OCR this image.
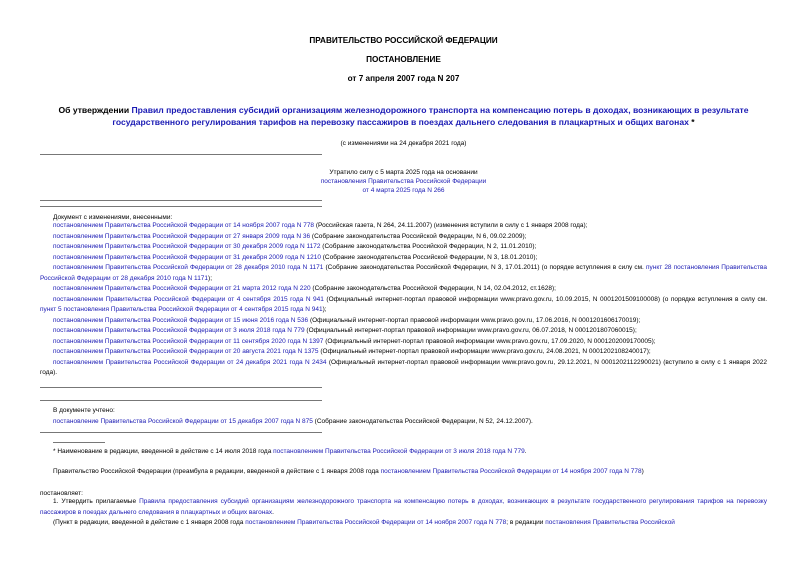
ПРАВИТЕЛЬСТВО РОССИЙСКОЙ ФЕДЕРАЦИИ
ПОСТАНОВЛЕНИЕ
от 7 апреля 2007 года N 207
Об утверждении Правил предоставления субсидий организациям железнодорожного транспорта на компенсацию потерь в доходах, возникающих в результате государственного регулирования тарифов на перевозку пассажиров в поездах дальнего следования в плацкартных и общих вагонах *
(с изменениями на 24 декабря 2021 года)
Утратило силу с 5 марта 2025 года на основании
постановления Правительства Российской Федерации
от 4 марта 2025 года N 266
Документ с изменениями, внесенными:
постановлением Правительства Российской Федерации от 14 ноября 2007 года N 778 (Российская газета, N 264, 24.11.2007) (изменения вступили в силу с 1 января 2008 года);
постановлением Правительства Российской Федерации от 27 января 2009 года N 36 (Собрание законодательства Российской Федерации, N 6, 09.02.2009);
постановлением Правительства Российской Федерации от 30 декабря 2009 года N 1172 (Собрание законодательства Российской Федерации, N 2, 11.01.2010);
постановлением Правительства Российской Федерации от 31 декабря 2009 года N 1210 (Собрание законодательства Российской Федерации, N 3, 18.01.2010);
постановлением Правительства Российской Федерации от 28 декабря 2010 года N 1171 (Собрание законодательства Российской Федерации, N 3, 17.01.2011) (о порядке вступления в силу см. пункт 28 постановления Правительства Российской Федерации от 28 декабря 2010 года N 1171);
постановлением Правительства Российской Федерации от 21 марта 2012 года N 220 (Собрание законодательства Российской Федерации, N 14, 02.04.2012, ст.1628);
постановлением Правительства Российской Федерации от 4 сентября 2015 года N 941 (Официальный интернет-портал правовой информации www.pravo.gov.ru, 10.09.2015, N 0001201509100008) (о порядке вступления в силу см. пункт 5 постановления Правительства Российской Федерации от 4 сентября 2015 года N 941);
постановлением Правительства Российской Федерации от 15 июня 2016 года N 536 (Официальный интернет-портал правовой информации www.pravo.gov.ru, 17.06.2016, N 0001201606170019);
постановлением Правительства Российской Федерации от 3 июля 2018 года N 779 (Официальный интернет-портал правовой информации www.pravo.gov.ru, 06.07.2018, N 0001201807060015);
постановлением Правительства Российской Федерации от 11 сентября 2020 года N 1397 (Официальный интернет-портал правовой информации www.pravo.gov.ru, 17.09.2020, N 0001202009170005);
постановлением Правительства Российской Федерации от 20 августа 2021 года N 1375 (Официальный интернет-портал правовой информации www.pravo.gov.ru, 24.08.2021, N 0001202108240017);
постановлением Правительства Российской Федерации от 24 декабря 2021 года N 2434 (Официальный интернет-портал правовой информации www.pravo.gov.ru, 29.12.2021, N 0001202112290021) (вступило в силу с 1 января 2022 года).
В документе учтено:
постановление Правительства Российской Федерации от 15 декабря 2007 года N 875 (Собрание законодательства Российской Федерации, N 52, 24.12.2007).
* Наименование в редакции, введенной в действие с 14 июля 2018 года постановлением Правительства Российской Федерации от 3 июля 2018 года N 779.
Правительство Российской Федерации (преамбула в редакции, введенной в действие с 1 января 2008 года постановлением Правительства Российской Федерации от 14 ноября 2007 года N 778)
постановляет:
1. Утвердить прилагаемые Правила предоставления субсидий организациям железнодорожного транспорта на компенсацию потерь в доходах, возникающих в результате государственного регулирования тарифов на перевозку пассажиров в поездах дальнего следования в плацкартных и общих вагонах.
(Пункт в редакции, введенной в действие с 1 января 2008 года постановлением Правительства Российской Федерации от 14 ноября 2007 года N 778; в редакции постановления Правительства Российской
